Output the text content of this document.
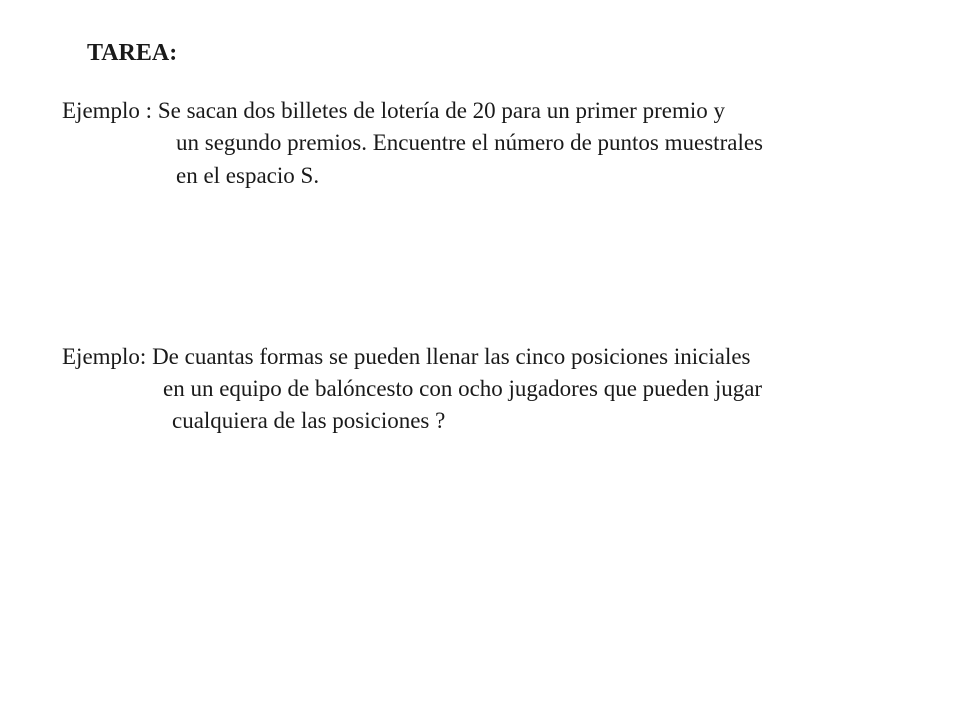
TAREA:
Ejemplo : Se sacan dos billetes de lotería de 20 para un primer premio y
un segundo premios. Encuentre el número de puntos muestrales
en el espacio S.
Ejemplo: De cuantas formas se pueden llenar las cinco posiciones iniciales
en un equipo de balóncesto con ocho jugadores que pueden jugar
cualquiera de las posiciones ?
